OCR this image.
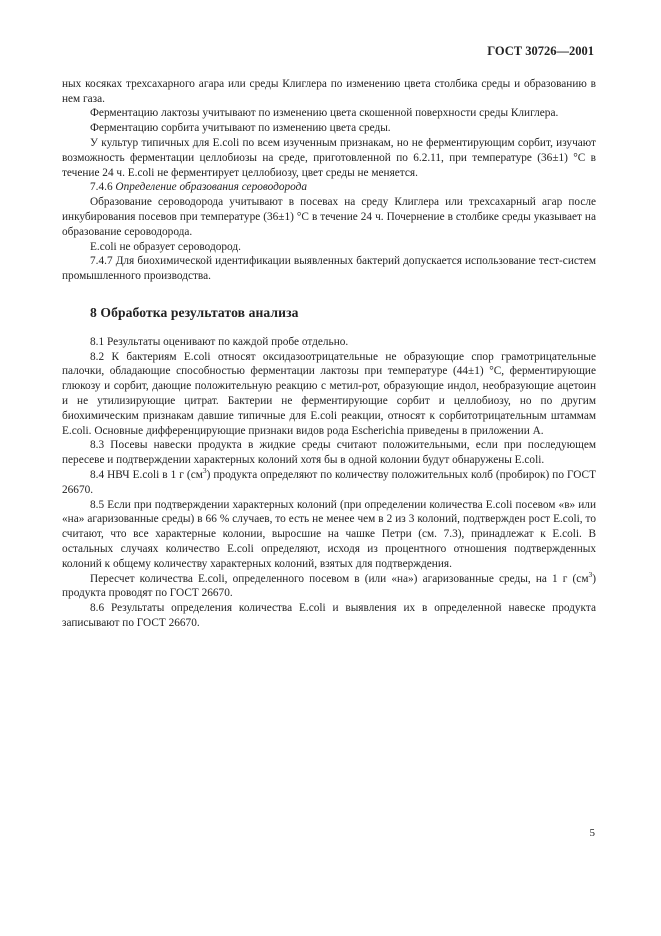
ГОСТ 30726—2001

ных косяках трехсахарного агара или среды Клиглера по изменению цвета столбика среды и образованию в нем газа.

Ферментацию лактозы учитывают по изменению цвета скошенной поверхности среды Клиглера.

Ферментацию сорбита учитывают по изменению цвета среды.

У культур типичных для E.coli по всем изученным признакам, но не ферментирующим сорбит, изучают возможность ферментации целлобиозы на среде, приготовленной по 6.2.11, при температуре (36±1) °С в течение 24 ч. E.coli не ферментирует целлобиозу, цвет среды не меняется.

7.4.6 Определение образования сероводорода

Образование сероводорода учитывают в посевах на среду Клиглера или трехсахарный агар после инкубирования посевов при температуре (36±1) °С в течение 24 ч. Почернение в столбике среды указывает на образование сероводорода.

E.coli не образует сероводород.

7.4.7 Для биохимической идентификации выявленных бактерий допускается использование тест-систем промышленного производства.

8 Обработка результатов анализа

8.1 Результаты оценивают по каждой пробе отдельно.

8.2 К бактериям E.coli относят оксидазоотрицательные не образующие спор грамотрицательные палочки, обладающие способностью ферментации лактозы при температуре (44±1) °С, ферментирующие глюкозу и сорбит, дающие положительную реакцию с метил-рот, образующие индол, необразующие ацетоин и не утилизирующие цитрат. Бактерии не ферментирующие сорбит и целлобиозу, но по другим биохимическим признакам давшие типичные для E.coli реакции, относят к сорбитотрицательным штаммам E.coli. Основные дифференцирующие признаки видов рода Escherichia приведены в приложении А.

8.3 Посевы навески продукта в жидкие среды считают положительными, если при последующем пересеве и подтверждении характерных колоний хотя бы в одной колонии будут обнаружены E.coli.

8.4 НВЧ E.coli в 1 г $(см^3)$ продукта определяют по количеству положительных колб (пробирок) по ГОСТ 26670.

8.5 Если при подтверждении характерных колоний (при определении количества E.coli посевом «в» или «на» агаризованные среды) в 66 % случаев, то есть не менее чем в 2 из 3 колоний, подтвержден рост E.coli, то считают, что все характерные колонии, выросшие на чашке Петри (см. 7.3), принадлежат к E.coli. В остальных случаях количество E.coli определяют, исходя из процентного отношения подтвержденных колоний к общему количеству характерных колоний, взятых для подтверждения.

Пересчет количества E.coli, определенного посевом в (или «на») агаризованные среды, на 1 г $(см^3)$ продукта проводят по ГОСТ 26670.

8.6 Результаты определения количества E.coli и выявления их в определенной навеске продукта записывают по ГОСТ 26670.

5
